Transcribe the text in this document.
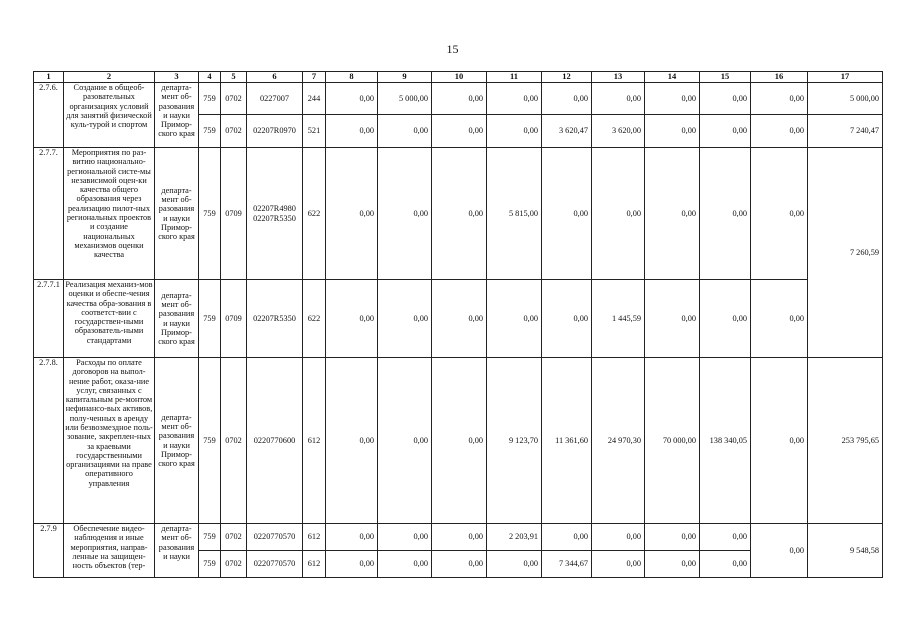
15
1	2	3	4	5	6	7	8	9	10	11	12	13	14	15	16	17
2.7.6.	Создание в общеоб-разовательных организациях условий для занятий физической куль-турой и спортом	департа-мент об-разования и науки Примор-ского края	759	0702	0227007	244	0,00	5 000,00	0,00	0,00	0,00	0,00	0,00	0,00	0,00	5 000,00
			759	0702	02207R0970	521	0,00	0,00	0,00	0,00	3 620,47	3 620,00	0,00	0,00	0,00	7 240,47
2.7.7.	Мероприятия по раз-витию национально-региональной систе-мы независимой оцен-ки качества общего образования через реализацию пилот-ных региональных проектов и создание национальных механизмов оценки качества	департа-мент об-разования и науки Примор-ского края	759	0709	02207R4980 02207R5350	622	0,00	0,00	0,00	5 815,00	0,00	0,00	0,00	0,00	0,00	7 260,59
2.7.7.1	Реализация механиз-мов оценки и обеспе-чения качества обра-зования в соответст-вии с государствен-ными образователь-ными стандартами	департа-мент об-разования и науки Примор-ского края	759	0709	02207R5350	622	0,00	0,00	0,00	0,00	0,00	1 445,59	0,00	0,00	0,00	
2.7.8.	Расходы по оплате договоров на выпол-нение работ, оказа-ние услуг, связанных с капитальным ре-монтом нефинансо-вых активов, полу-ченных в аренду или безвозмездное поль-зование, закреплен-ных за краевыми государственными организациями на праве оперативного управления	департа-мент об-разования и науки Примор-ского края	759	0702	0220770600	612	0,00	0,00	0,00	9 123,70	11 361,60	24 970,30	70 000,00	138 340,05	0,00	253 795,65
2.7.9	Обеспечение видео-наблюдения и иные мероприятия, направ-ленные на защищен-ность объектов (тер-	департа-мент об-разования и науки	759	0702	0220770570	612	0,00	0,00	0,00	2 203,91	0,00	0,00	0,00	0,00	0,00	9 548,58
			759	0702	0220770570	612	0,00	0,00	0,00	0,00	7 344,67	0,00	0,00	0,00		
